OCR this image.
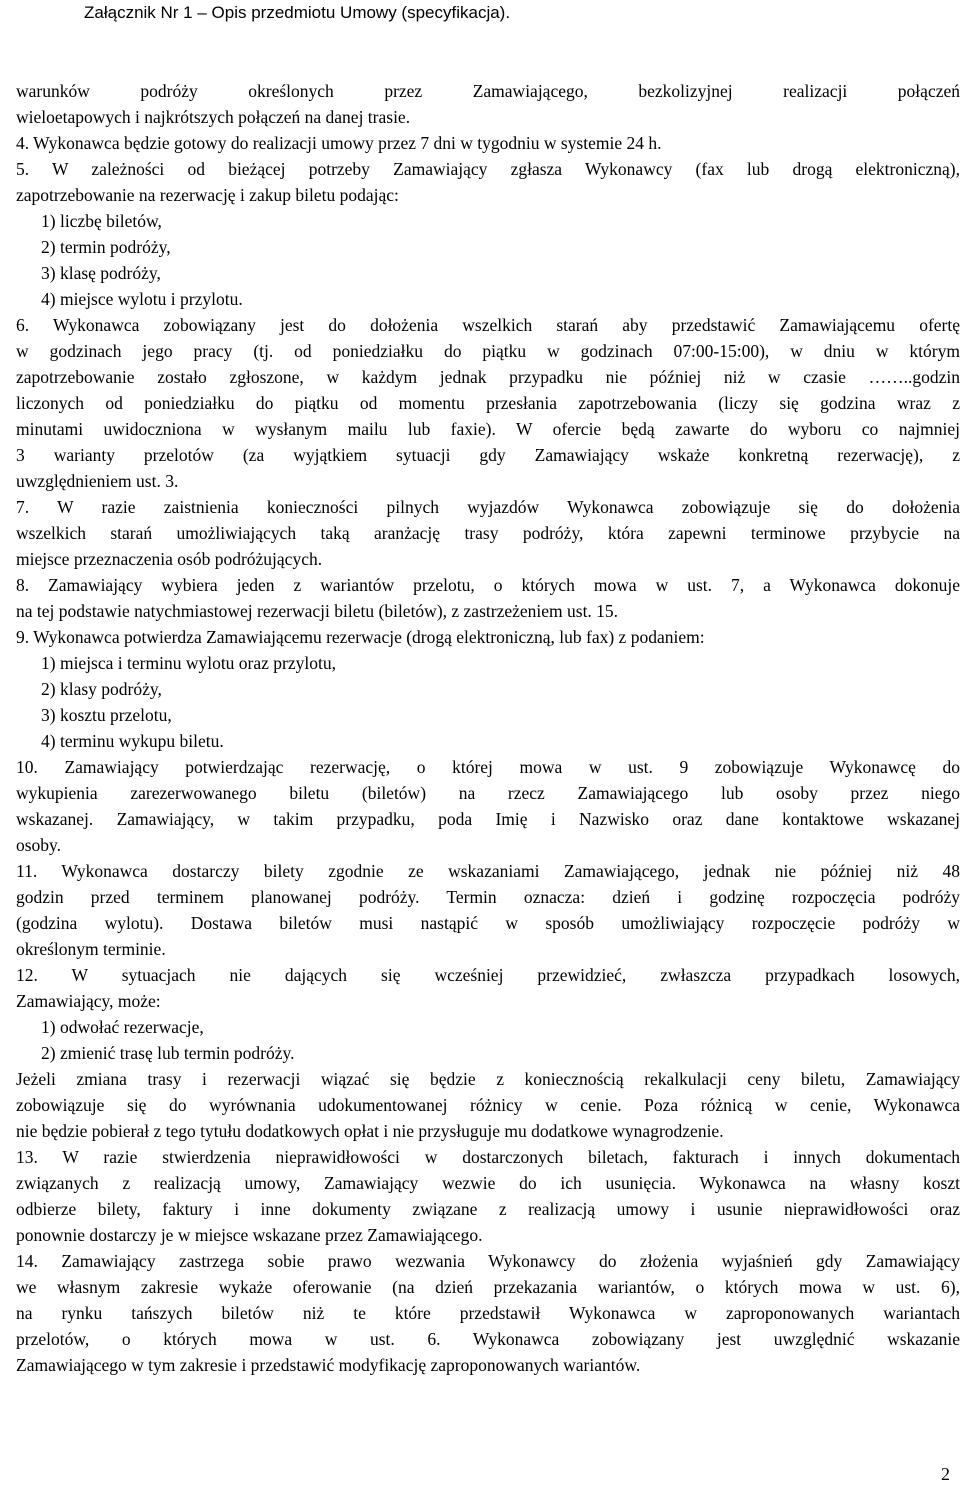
Załącznik Nr 1 – Opis przedmiotu Umowy (specyfikacja).
warunków podróży określonych przez Zamawiającego, bezkolizyjnej realizacji połączeń
wieloetapowych i najkrótszych połączeń na danej trasie.
4. Wykonawca będzie gotowy do realizacji umowy przez 7 dni w tygodniu w systemie 24 h.
5. W zależności od bieżącej potrzeby Zamawiający zgłasza Wykonawcy (fax lub drogą elektroniczną),
zapotrzebowanie na rezerwację i zakup biletu podając:
1) liczbę biletów,
2) termin podróży,
3) klasę podróży,
4) miejsce wylotu i przylotu.
6. Wykonawca zobowiązany jest do dołożenia wszelkich starań aby przedstawić Zamawiającemu ofertę
w godzinach jego pracy (tj. od poniedziałku do piątku w godzinach 07:00-15:00), w dniu w którym
zapotrzebowanie zostało zgłoszone, w każdym jednak przypadku nie później niż w czasie ……..godzin
liczonych od poniedziałku do piątku od momentu przesłania zapotrzebowania (liczy się godzina wraz z
minutami uwidoczniona w wysłanym mailu lub faxie). W ofercie będą zawarte do wyboru co najmniej
3 warianty przelotów (za wyjątkiem sytuacji gdy Zamawiający wskaże konkretną rezerwację), z
uwzględnieniem ust. 3.
7. W razie zaistnienia konieczności pilnych wyjazdów Wykonawca zobowiązuje się do dołożenia
wszelkich starań umożliwiających taką aranżację trasy podróży, która zapewni terminowe przybycie na
miejsce przeznaczenia osób podróżujących.
8. Zamawiający wybiera jeden z wariantów przelotu, o których mowa w ust. 7, a Wykonawca dokonuje
na tej podstawie natychmiastowej rezerwacji biletu (biletów), z zastrzeżeniem ust. 15.
9. Wykonawca potwierdza Zamawiającemu rezerwacje (drogą elektroniczną, lub fax) z podaniem:
1) miejsca i terminu wylotu oraz przylotu,
2) klasy podróży,
3) kosztu przelotu,
4) terminu wykupu biletu.
10. Zamawiający potwierdzając rezerwację, o której mowa w ust. 9 zobowiązuje Wykonawcę do
wykupienia zarezerwowanego biletu (biletów) na rzecz Zamawiającego lub osoby przez niego
wskazanej. Zamawiający, w takim przypadku, poda Imię i Nazwisko oraz dane kontaktowe wskazanej
osoby.
11. Wykonawca dostarczy bilety zgodnie ze wskazaniami Zamawiającego, jednak nie później niż 48
godzin przed terminem planowanej podróży. Termin oznacza: dzień i godzinę rozpoczęcia podróży
(godzina wylotu). Dostawa biletów musi nastąpić w sposób umożliwiający rozpoczęcie podróży w
określonym terminie.
12. W sytuacjach nie dających się wcześniej przewidzieć, zwłaszcza przypadkach losowych,
Zamawiający, może:
1) odwołać rezerwacje,
2) zmienić trasę lub termin podróży.
Jeżeli zmiana trasy i rezerwacji wiązać się będzie z koniecznością rekalkulacji ceny biletu, Zamawiający
zobowiązuje się do wyrównania udokumentowanej różnicy w cenie. Poza różnicą w cenie, Wykonawca
nie będzie pobierał z tego tytułu dodatkowych opłat i nie przysługuje mu dodatkowe wynagrodzenie.
13. W razie stwierdzenia nieprawidłowości w dostarczonych biletach, fakturach i innych dokumentach
związanych z realizacją umowy, Zamawiający wezwie do ich usunięcia. Wykonawca na własny koszt
odbierze bilety, faktury i inne dokumenty związane z realizacją umowy i usunie nieprawidłowości oraz
ponownie dostarczy je w miejsce wskazane przez Zamawiającego.
14. Zamawiający zastrzega sobie prawo wezwania Wykonawcy do złożenia wyjaśnień gdy Zamawiający
we własnym zakresie wykaże oferowanie (na dzień przekazania wariantów, o których mowa w ust. 6),
na rynku tańszych biletów niż te które przedstawił Wykonawca w zaproponowanych wariantach
przelotów, o których mowa w ust. 6. Wykonawca zobowiązany jest uwzględnić wskazanie
Zamawiającego w tym zakresie i przedstawić modyfikację zaproponowanych wariantów.
2
